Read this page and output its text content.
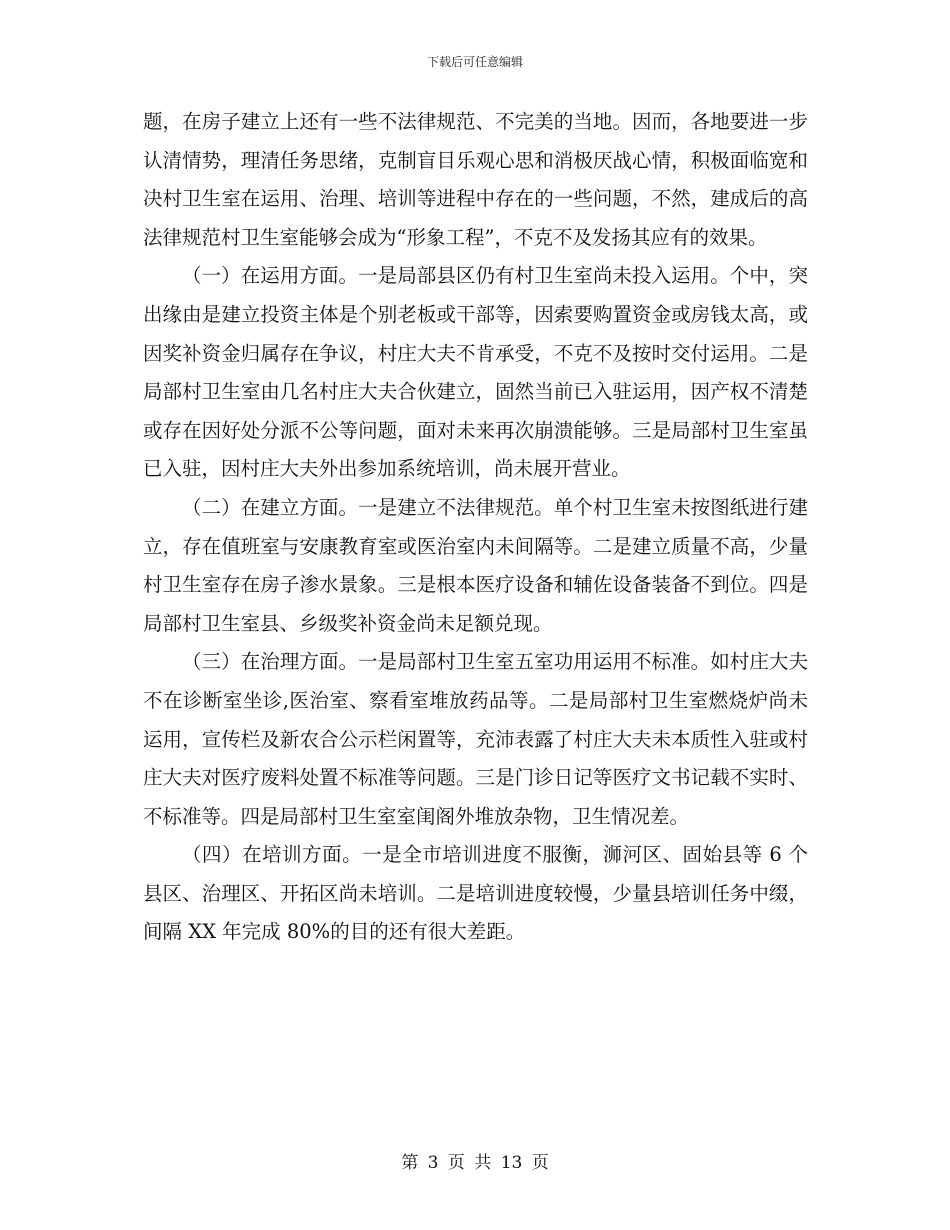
下载后可任意编辑

题，在房子建立上还有一些不法律规范、不完美的当地。因而，各地要进一步认清情势，理清任务思绪，克制盲目乐观心思和消极厌战心情，积极面临宽和决村卫生室在运用、治理、培训等进程中存在的一些问题，不然，建成后的高法律规范村卫生室能够会成为“形象工程”，不克不及发扬其应有的效果。

（一）在运用方面。一是局部县区仍有村卫生室尚未投入运用。个中，突出缘由是建立投资主体是个别老板或干部等，因索要购置资金或房钱太高，或因奖补资金归属存在争议，村庄大夫不肯承受，不克不及按时交付运用。二是局部村卫生室由几名村庄大夫合伙建立，固然当前已入驻运用，因产权不清楚或存在因好处分派不公等问题，面对未来再次崩溃能够。三是局部村卫生室虽已入驻，因村庄大夫外出参加系统培训，尚未展开营业。

（二）在建立方面。一是建立不法律规范。单个村卫生室未按图纸进行建立，存在值班室与安康教育室或医治室内未间隔等。二是建立质量不高，少量村卫生室存在房子渗水景象。三是根本医疗设备和辅佐设备装备不到位。四是局部村卫生室县、乡级奖补资金尚未足额兑现。

（三）在治理方面。一是局部村卫生室五室功用运用不标准。如村庄大夫不在诊断室坐诊,医治室、察看室堆放药品等。二是局部村卫生室燃烧炉尚未运用，宣传栏及新农合公示栏闲置等，充沛表露了村庄大夫未本质性入驻或村庄大夫对医疗废料处置不标准等问题。三是门诊日记等医疗文书记载不实时、不标准等。四是局部村卫生室室闺阁外堆放杂物，卫生情况差。

（四）在培训方面。一是全市培训进度不服衡，浉河区、固始县等 6 个县区、治理区、开拓区尚未培训。二是培训进度较慢，少量县培训任务中缀，间隔 XX 年完成 80%的目的还有很大差距。

第 3 页 共 13 页
